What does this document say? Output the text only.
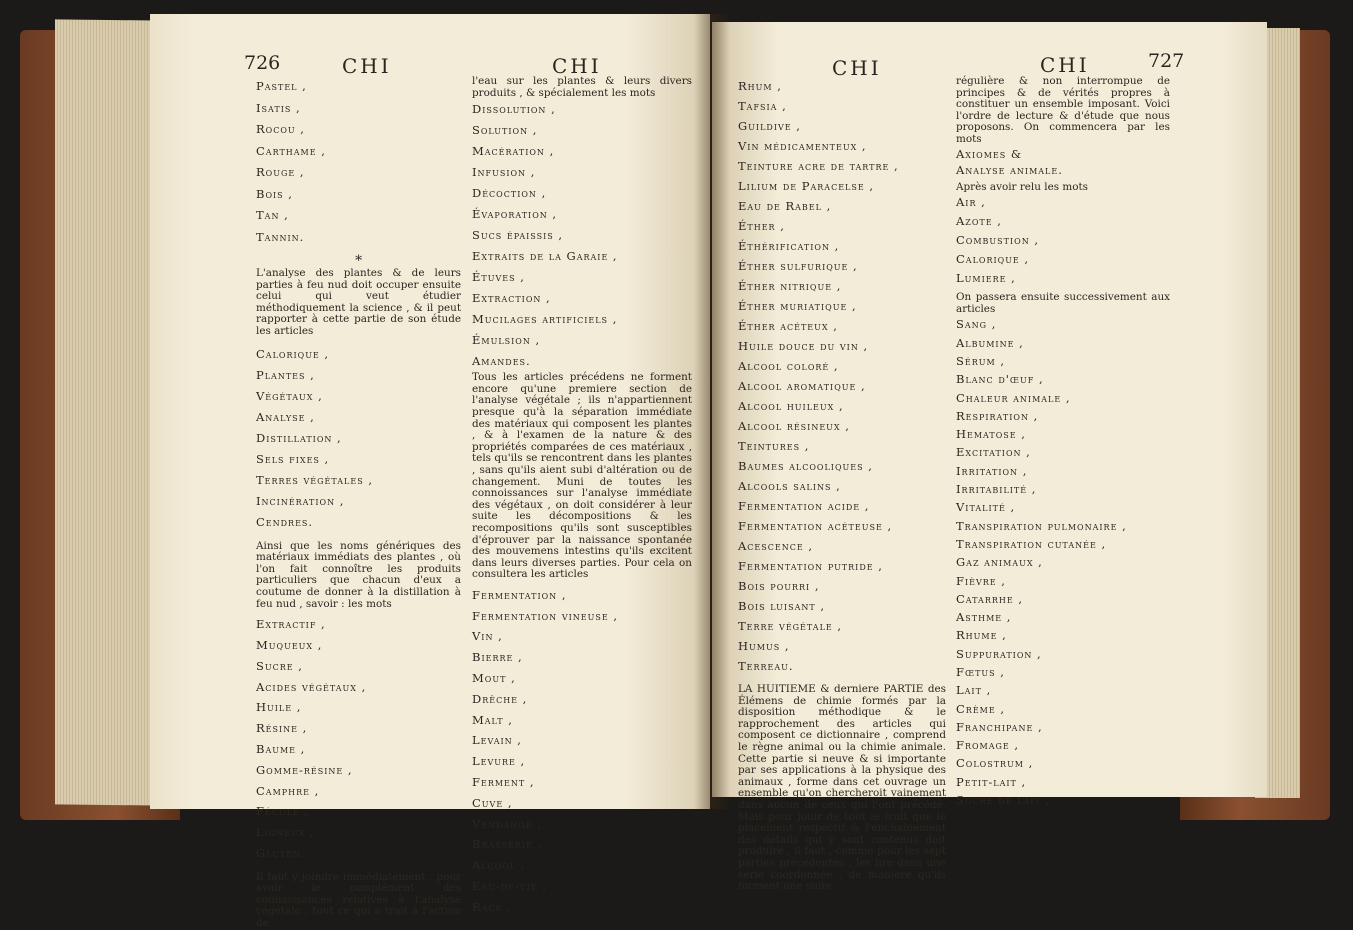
726	CHI	CHI
Pastel ,
Isatis ,
Rocou ,
Carthame ,
Rouge ,
Bois ,
Tan ,
Tannin.
∗
L'analyse des plantes & de leurs parties à feu nud doit occuper ensuite celui qui veut étudier méthodiquement la science , & il peut rapporter à cette partie de son étude les articles
Calorique ,
Plantes ,
Végétaux ,
Analyse ,
Distillation ,
Sels fixes ,
Terres végétales ,
Incinération ,
Cendres.
Ainsi que les noms génériques des matériaux immédiats des plantes , où l'on fait connoître les produits particuliers que chacun d'eux a coutume de donner à la distillation à feu nud , savoir : les mots
Extractif ,
Muqueux ,
Sucre ,
Acides végétaux ,
Huile ,
Résine ,
Baume ,
Gomme-résine ,
Camphre ,
Fécule ,
Ligneux ,
Gluten.
Il faut y joindre immédiatement , pour avoir le complément des connaissances relatives à l'analyse végétale , tout ce qui a trait à l'action de
l'eau sur les plantes & leurs divers produits , & spécialement les mots
Dissolution ,
Solution ,
Macération ,
Infusion ,
Décoction ,
Évaporation ,
Sucs épaissis ,
Extraits de la Garaie ,
Étuves ,
Extraction ,
Mucilages artificiels ,
Émulsion ,
Amandes.
Tous les articles précédens ne forment encore qu'une premiere section de l'analyse végétale ; ils n'appartiennent presque qu'à la séparation immédiate des matériaux qui composent les plantes , & à l'examen de la nature & des propriétés comparées de ces matériaux , tels qu'ils se rencontrent dans les plantes , sans qu'ils aient subi d'altération ou de changement. Muni de toutes les connoissances sur l'analyse immédiate des végétaux , on doit considérer à leur suite les décompositions & les recompositions qu'ils sont susceptibles d'éprouver par la naissance spontanée des mouvemens intestins qu'ils excitent dans leurs diverses parties. Pour cela on consultera les articles
Fermentation ,
Fermentation vineuse ,
Vin ,
Bierre ,
Mout ,
Drêche ,
Malt ,
Levain ,
Levure ,
Ferment ,
Cuve ,
Vendange ,
Brasserie ,
Alcool ,
Eau-de-vie ,
Rack ,
CHI	CHI	727
Rhum ,
Tafsia ,
Guildive ,
Vin médicamenteux ,
Teinture acre de tartre ,
Lilium de Paracelse ,
Eau de Rabel ,
Éther ,
Éthérification ,
Éther sulfurique ,
Éther nitrique ,
Éther muriatique ,
Éther acéteux ,
Huile douce du vin ,
Alcool coloré ,
Alcool aromatique ,
Alcool huileux ,
Alcool résineux ,
Teintures ,
Baumes alcooliques ,
Alcools salins ,
Fermentation acide ,
Fermentation acéteuse ,
Acescence ,
Fermentation putride ,
Bois pourri ,
Bois luisant ,
Terre végétale ,
Humus ,
Terreau.
LA HUITIEME & derniere PARTIE des Élémens de chimie formés par la disposition méthodique & le rapprochement des articles qui composent ce dictionnaire , comprend le règne animal ou la chimie animale. Cette partie si neuve & si importante par ses applications à la physique des animaux , forme dans cet ouvrage un ensemble qu'on chercheroit vainement dans aucun de ceux qui l'ont précédé. Mais pour jouir de tout le fruit que le placement respectif & l'enchaînement des détails qui y sont contenus doit produire , il faut , comme pour les sept parties précédentes , les lire dans une série coordonnée , de maniere qu'ils forment une suite
régulière & non interrompue de principes & de vérités propres à constituer un ensemble imposant. Voici l'ordre de lecture & d'étude que nous proposons. On commencera par les mots
Axiomes &
Analyse animale.
Après avoir relu les mots
Air ,
Azote ,
Combustion ,
Calorique ,
Lumiere ,
On passera ensuite successivement aux articles
Sang ,
Albumine ,
Sérum ,
Blanc d'œuf ,
Chaleur animale ,
Respiration ,
Hematose ,
Excitation ,
Irritation ,
Irritabilité ,
Vitalité ,
Transpiration pulmonaire ,
Transpiration cutanée ,
Gaz animaux ,
Fièvre ,
Catarrhe ,
Asthme ,
Rhume ,
Suppuration ,
Fœtus ,
Lait ,
Crème ,
Franchipane ,
Fromage ,
Colostrum ,
Petit-lait ,
Sucre de lait ,
